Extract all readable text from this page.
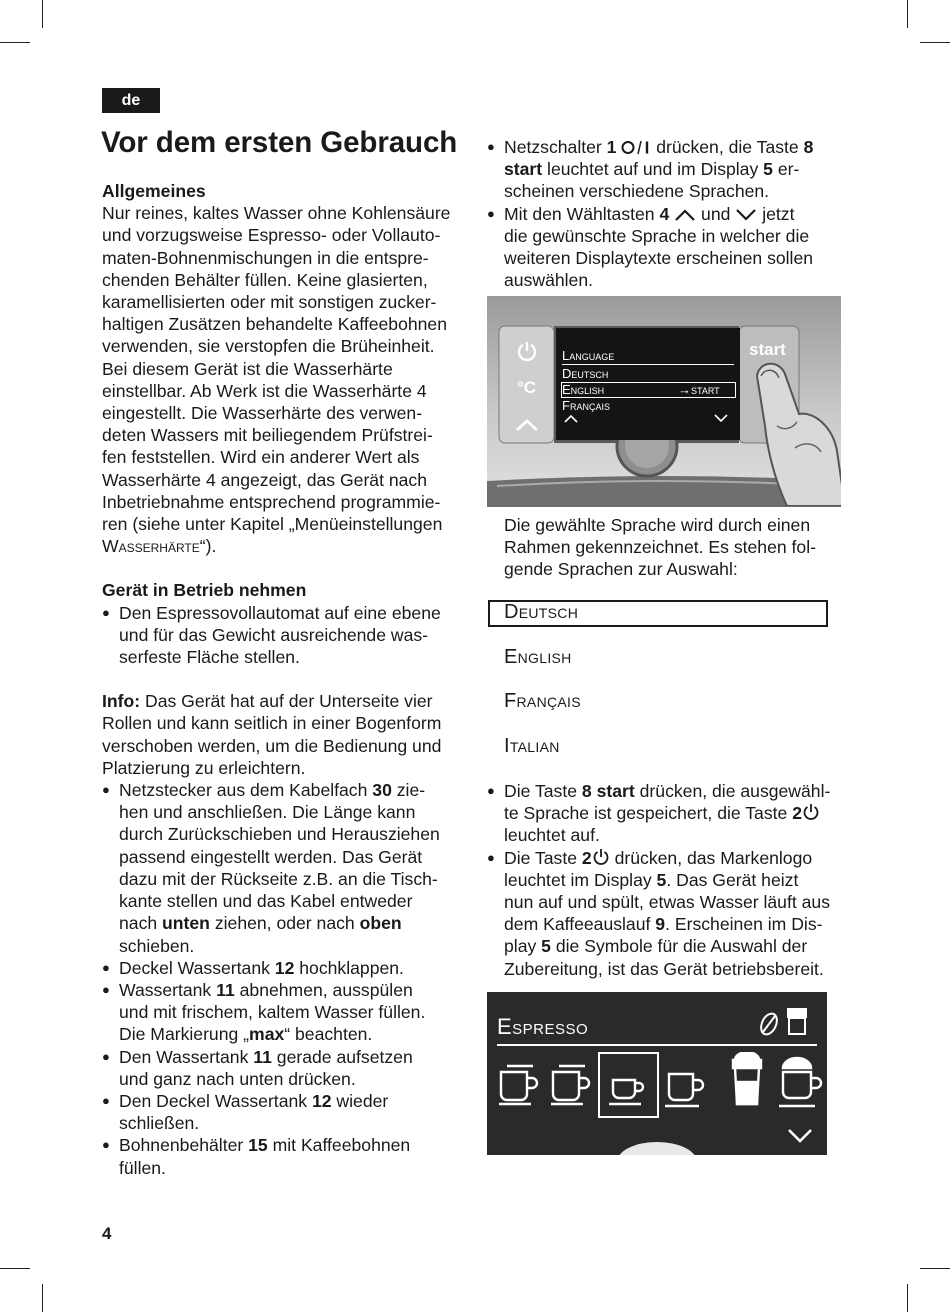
de
Vor dem ersten Gebrauch

Allgemeines

Nur reines, kaltes Wasser ohne Kohlensäure

und vorzugsweise Espresso- oder Vollauto-

maten-Bohnenmischungen in die entspre-

chenden Behälter füllen. Keine glasierten,

karamellisierten oder mit sonstigen zucker-

haltigen Zusätzen behandelte Kaffeebohnen

verwenden, sie verstopfen die Brüheinheit.

Bei diesem Gerät ist die Wasserhärte

einstellbar. Ab Werk ist die Wasserhärte 4

eingestellt. Die Wasserhärte des verwen-

deten Wassers mit beiliegendem Prüfstrei-

fen feststellen. Wird ein anderer Wert als

Wasserhärte 4 angezeigt, das Gerät nach

Inbetriebnahme entsprechend programmie-

ren (siehe unter Kapitel „Menüeinstellungen

Wasserhärte“).

Gerät in Betrieb nehmen

● Den Espressovollautomat auf eine ebene

und für das Gewicht ausreichende was-

serfeste Fläche stellen.

Info: Das Gerät hat auf der Unterseite vier

Rollen und kann seitlich in einer Bogenform

verschoben werden, um die Bedienung und

Platzierung zu erleichtern.

● Netzstecker aus dem Kabelfach 30 zie-

hen und anschließen. Die Länge kann

durch Zurückschieben und Herausziehen

passend eingestellt werden. Das Gerät

dazu mit der Rückseite z.B. an die Tisch-

kante stellen und das Kabel entweder

nach unten ziehen, oder nach oben

schieben.

● Deckel Wassertank 12 hochklappen.

● Wassertank 11 abnehmen, ausspülen

und mit frischem, kaltem Wasser füllen.

Die Markierung „max“ beachten.

● Den Wassertank 11 gerade aufsetzen

und ganz nach unten drücken.

● Den Deckel Wassertank 12 wieder

schließen.

● Bohnenbehälter 15 mit Kaffeebohnen

füllen.

● Netzschalter 1  drücken, die Taste 8

start leuchtet auf und im Display 5 er-

scheinen verschiedene Sprachen.

● Mit den Wähltasten 4  und  jetzt

die gewünschte Sprache in welcher die

weiteren Displaytexte erscheinen sollen

auswählen.

°C
start
Language
Deutsch
English	→start
Français

Die gewählte Sprache wird durch einen

Rahmen gekennzeichnet. Es stehen fol-

gende Sprachen zur Auswahl:

Deutsch
English
Français
Italian

● Die Taste 8 start drücken, die ausgewähl-

te Sprache ist gespeichert, die Taste 2

leuchtet auf.

● Die Taste 2 drücken, das Markenlogo

leuchtet im Display 5. Das Gerät heizt

nun auf und spült, etwas Wasser läuft aus

dem Kaffeeauslauf 9. Erscheinen im Dis-

play 5 die Symbole für die Auswahl der

Zubereitung, ist das Gerät betriebsbereit.

Espresso
4
